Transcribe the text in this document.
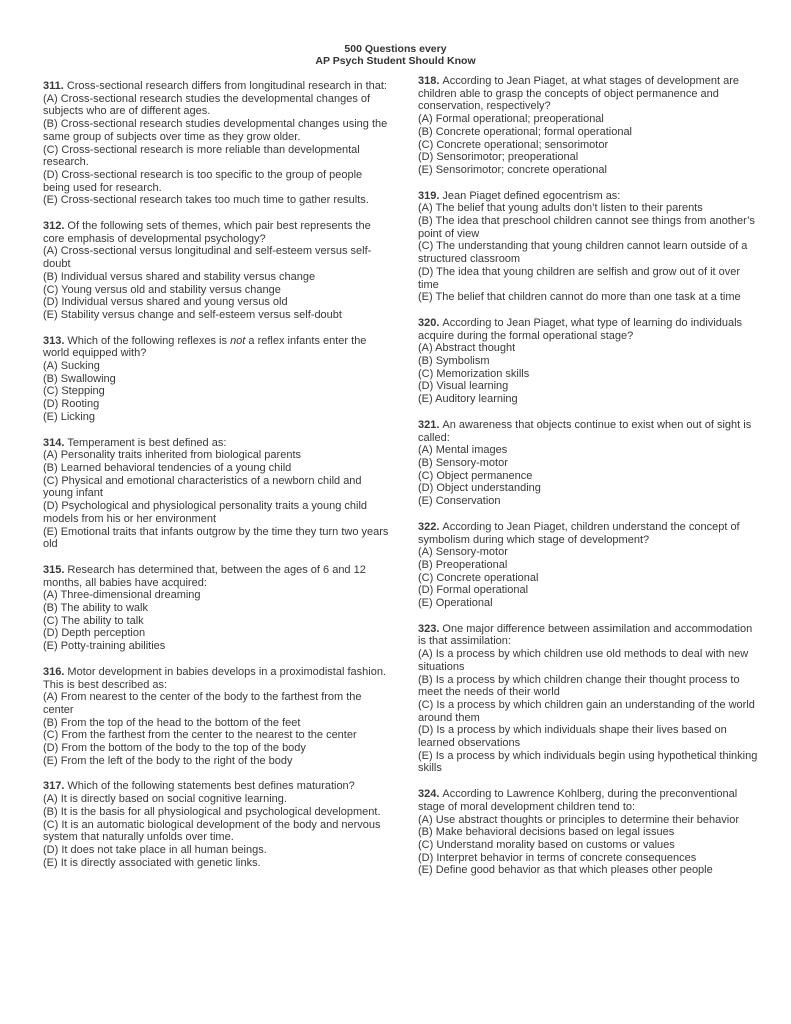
500 Questions every
AP Psych Student Should Know
311. Cross-sectional research differs from longitudinal research in that:
(A) Cross-sectional research studies the developmental changes of subjects who are of different ages.
(B) Cross-sectional research studies developmental changes using the same group of subjects over time as they grow older.
(C) Cross-sectional research is more reliable than developmental research.
(D) Cross-sectional research is too specific to the group of people being used for research.
(E) Cross-sectional research takes too much time to gather results.
312. Of the following sets of themes, which pair best represents the core emphasis of developmental psychology?
(A) Cross-sectional versus longitudinal and self-esteem versus self-doubt
(B) Individual versus shared and stability versus change
(C) Young versus old and stability versus change
(D) Individual versus shared and young versus old
(E) Stability versus change and self-esteem versus self-doubt
313. Which of the following reflexes is not a reflex infants enter the world equipped with?
(A) Sucking
(B) Swallowing
(C) Stepping
(D) Rooting
(E) Licking
314. Temperament is best defined as:
(A) Personality traits inherited from biological parents
(B) Learned behavioral tendencies of a young child
(C) Physical and emotional characteristics of a newborn child and young infant
(D) Psychological and physiological personality traits a young child models from his or her environment
(E) Emotional traits that infants outgrow by the time they turn two years old
315. Research has determined that, between the ages of 6 and 12 months, all babies have acquired:
(A) Three-dimensional dreaming
(B) The ability to walk
(C) The ability to talk
(D) Depth perception
(E) Potty-training abilities
316. Motor development in babies develops in a proximodistal fashion. This is best described as:
(A) From nearest to the center of the body to the farthest from the center
(B) From the top of the head to the bottom of the feet
(C) From the farthest from the center to the nearest to the center
(D) From the bottom of the body to the top of the body
(E) From the left of the body to the right of the body
317. Which of the following statements best defines maturation?
(A) It is directly based on social cognitive learning.
(B) It is the basis for all physiological and psychological development.
(C) It is an automatic biological development of the body and nervous system that naturally unfolds over time.
(D) It does not take place in all human beings.
(E) It is directly associated with genetic links.
318. According to Jean Piaget, at what stages of development are children able to grasp the concepts of object permanence and conservation, respectively?
(A) Formal operational; preoperational
(B) Concrete operational; formal operational
(C) Concrete operational; sensorimotor
(D) Sensorimotor; preoperational
(E) Sensorimotor; concrete operational
319. Jean Piaget defined egocentrism as:
(A) The belief that young adults don’t listen to their parents
(B) The idea that preschool children cannot see things from another’s point of view
(C) The understanding that young children cannot learn outside of a structured classroom
(D) The idea that young children are selfish and grow out of it over time
(E) The belief that children cannot do more than one task at a time
320. According to Jean Piaget, what type of learning do individuals acquire during the formal operational stage?
(A) Abstract thought
(B) Symbolism
(C) Memorization skills
(D) Visual learning
(E) Auditory learning
321. An awareness that objects continue to exist when out of sight is called:
(A) Mental images
(B) Sensory-motor
(C) Object permanence
(D) Object understanding
(E) Conservation
322. According to Jean Piaget, children understand the concept of symbolism during which stage of development?
(A) Sensory-motor
(B) Preoperational
(C) Concrete operational
(D) Formal operational
(E) Operational
323. One major difference between assimilation and accommodation is that assimilation:
(A) Is a process by which children use old methods to deal with new situations
(B) Is a process by which children change their thought process to meet the needs of their world
(C) Is a process by which children gain an understanding of the world around them
(D) Is a process by which individuals shape their lives based on learned observations
(E) Is a process by which individuals begin using hypothetical thinking skills
324. According to Lawrence Kohlberg, during the preconventional stage of moral development children tend to:
(A) Use abstract thoughts or principles to determine their behavior
(B) Make behavioral decisions based on legal issues
(C) Understand morality based on customs or values
(D) Interpret behavior in terms of concrete consequences
(E) Define good behavior as that which pleases other people
